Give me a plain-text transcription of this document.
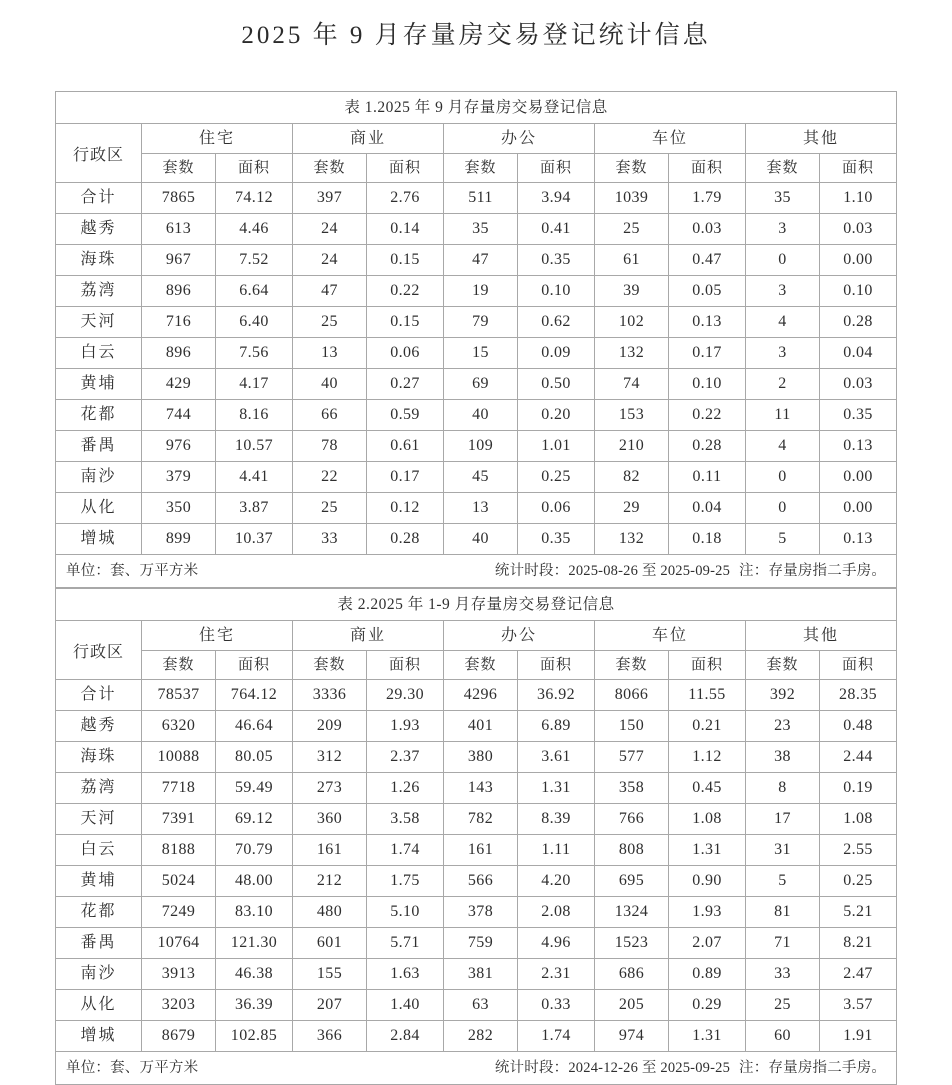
2025 年 9 月存量房交易登记统计信息
表 1.2025 年 9 月存量房交易登记信息										
行政区	住宅		商业		办公		车位		其他	
	套数	面积	套数	面积	套数	面积	套数	面积	套数	面积
合计	7865	74.12	397	2.76	511	3.94	1039	1.79	35	1.10
越秀	613	4.46	24	0.14	35	0.41	25	0.03	3	0.03
海珠	967	7.52	24	0.15	47	0.35	61	0.47	0	0.00
荔湾	896	6.64	47	0.22	19	0.10	39	0.05	3	0.10
天河	716	6.40	25	0.15	79	0.62	102	0.13	4	0.28
白云	896	7.56	13	0.06	15	0.09	132	0.17	3	0.04
黄埔	429	4.17	40	0.27	69	0.50	74	0.10	2	0.03
花都	744	8.16	66	0.59	40	0.20	153	0.22	11	0.35
番禺	976	10.57	78	0.61	109	1.01	210	0.28	4	0.13
南沙	379	4.41	22	0.17	45	0.25	82	0.11	0	0.00
从化	350	3.87	25	0.12	13	0.06	29	0.04	0	0.00
增城	899	10.37	33	0.28	40	0.35	132	0.18	5	0.13

单位：套、万平方米 统计时段：2025-08-26 至 2025-09-25 注：存量房指二手房。										
表 2.2025 年 1-9 月存量房交易登记信息										
行政区	住宅		商业		办公		车位		其他	
	套数	面积	套数	面积	套数	面积	套数	面积	套数	面积
合计	78537	764.12	3336	29.30	4296	36.92	8066	11.55	392	28.35
越秀	6320	46.64	209	1.93	401	6.89	150	0.21	23	0.48
海珠	10088	80.05	312	2.37	380	3.61	577	1.12	38	2.44
荔湾	7718	59.49	273	1.26	143	1.31	358	0.45	8	0.19
天河	7391	69.12	360	3.58	782	8.39	766	1.08	17	1.08
白云	8188	70.79	161	1.74	161	1.11	808	1.31	31	2.55
黄埔	5024	48.00	212	1.75	566	4.20	695	0.90	5	0.25
花都	7249	83.10	480	5.10	378	2.08	1324	1.93	81	5.21
番禺	10764	121.30	601	5.71	759	4.96	1523	2.07	71	8.21
南沙	3913	46.38	155	1.63	381	2.31	686	0.89	33	2.47
从化	3203	36.39	207	1.40	63	0.33	205	0.29	25	3.57
增城	8679	102.85	366	2.84	282	1.74	974	1.31	60	1.91

单位：套、万平方米 统计时段：2024-12-26 至 2025-09-25 注：存量房指二手房。										
